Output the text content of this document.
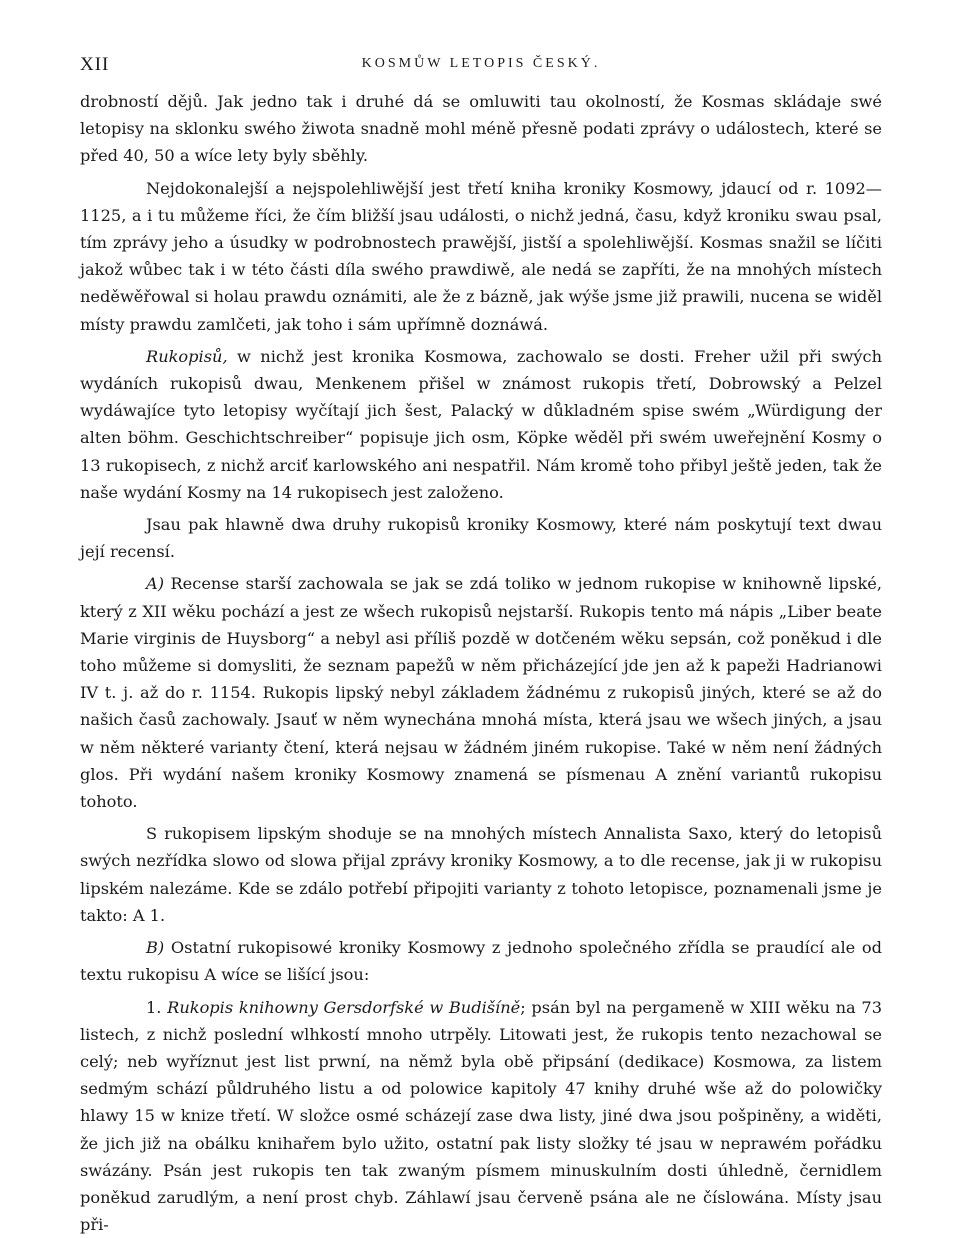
XII	KOSMŮW LETOPIS ČESKÝ.

drobností dějů. Jak jedno tak i druhé dá se omluwiti tau okolností, že Kosmas skládaje swé letopisy na sklonku swého žiwota snadně mohl méně přesně podati zprávy o událostech, které se před 40, 50 a wíce lety byly sběhly.

Nejdokonalejší a nejspolehliwější jest třetí kniha kroniky Kosmowy, jdaucí od r. 1092—1125, a i tu můžeme říci, že čím bližší jsau události, o nichž jedná, času, když kroniku swau psal, tím zprávy jeho a úsudky w podrobnostech prawější, jistší a spolehliwější. Kosmas snažil se líčiti jakož wůbec tak i w této části díla swého prawdiwě, ale nedá se zapříti, že na mnohých místech neděwěřowal si holau prawdu oznámiti, ale že z bázně, jak wýše jsme již prawili, nucena se widěl místy prawdu zamlčeti, jak toho i sám upřímně doznáwá.

Rukopisů, w nichž jest kronika Kosmowa, zachowalo se dosti. Freher užil při swých wydáních rukopisů dwau, Menkenem přišel w známost rukopis třetí, Dobrowský a Pelzel wydáwajíce tyto letopisy wyčítají jich šest, Palacký w důkladném spise swém „Würdigung der alten böhm. Geschichtschreiber“ popisuje jich osm, Köpke wěděl při swém uweřejnění Kosmy o 13 rukopisech, z nichž arciť karlowského ani nespatřil. Nám kromě toho přibyl ještě jeden, tak že naše wydání Kosmy na 14 rukopisech jest založeno.

Jsau pak hlawně dwa druhy rukopisů kroniky Kosmowy, které nám poskytují text dwau její recensí.

A) Recense starší zachowala se jak se zdá toliko w jednom rukopise w knihowně lipské, který z XII wěku pochází a jest ze wšech rukopisů nejstarší. Rukopis tento má nápis „Liber beate Marie virginis de Huysborg“ a nebyl asi příliš pozdě w dotčeném wěku sepsán, což poněkud i dle toho můžeme si domysliti, že seznam papežů w něm přicházející jde jen až k papeži Hadrianowi IV t. j. až do r. 1154. Rukopis lipský nebyl základem žádnému z rukopisů jiných, které se až do našich časů zachowaly. Jsauť w něm wynechána mnohá místa, která jsau we wšech jiných, a jsau w něm některé varianty čtení, která nejsau w žádném jiném rukopise. Také w něm není žádných glos. Při wydání našem kroniky Kosmowy znamená se písmenau A znění variantů rukopisu tohoto.

S rukopisem lipským shoduje se na mnohých místech Annalista Saxo, který do letopisů swých nezřídka slowo od slowa přijal zprávy kroniky Kosmowy, a to dle recense, jak ji w rukopisu lipském nalezáme. Kde se zdálo potřebí připojiti varianty z tohoto letopisce, poznamenali jsme je takto: A 1.

B) Ostatní rukopisowé kroniky Kosmowy z jednoho společného zřídla se praudící ale od textu rukopisu A wíce se lišící jsou:

1. Rukopis knihowny Gersdorfské w Budišíně; psán byl na pergameně w XIII wěku na 73 listech, z nichž poslední wlhkostí mnoho utrpěly. Litowati jest, že rukopis tento nezachowal se celý; neb wyříznut jest list prwní, na němž byla obě připsání (dedikace) Kosmowa, za listem sedmým schází půldruhého listu a od polowice kapitoly 47 knihy druhé wše až do polowičky hlawy 15 w knize třetí. W složce osmé scházejí zase dwa listy, jiné dwa jsou pošpiněny, a widěti, že jich již na obálku knihařem bylo užito, ostatní pak listy složky té jsau w neprawém pořádku swázány. Psán jest rukopis ten tak zwaným písmem minuskulním dosti úhledně, černidlem poněkud zarudlým, a není prost chyb. Záhlawí jsau červeně psána ale ne číslowána. Místy jsau při-
